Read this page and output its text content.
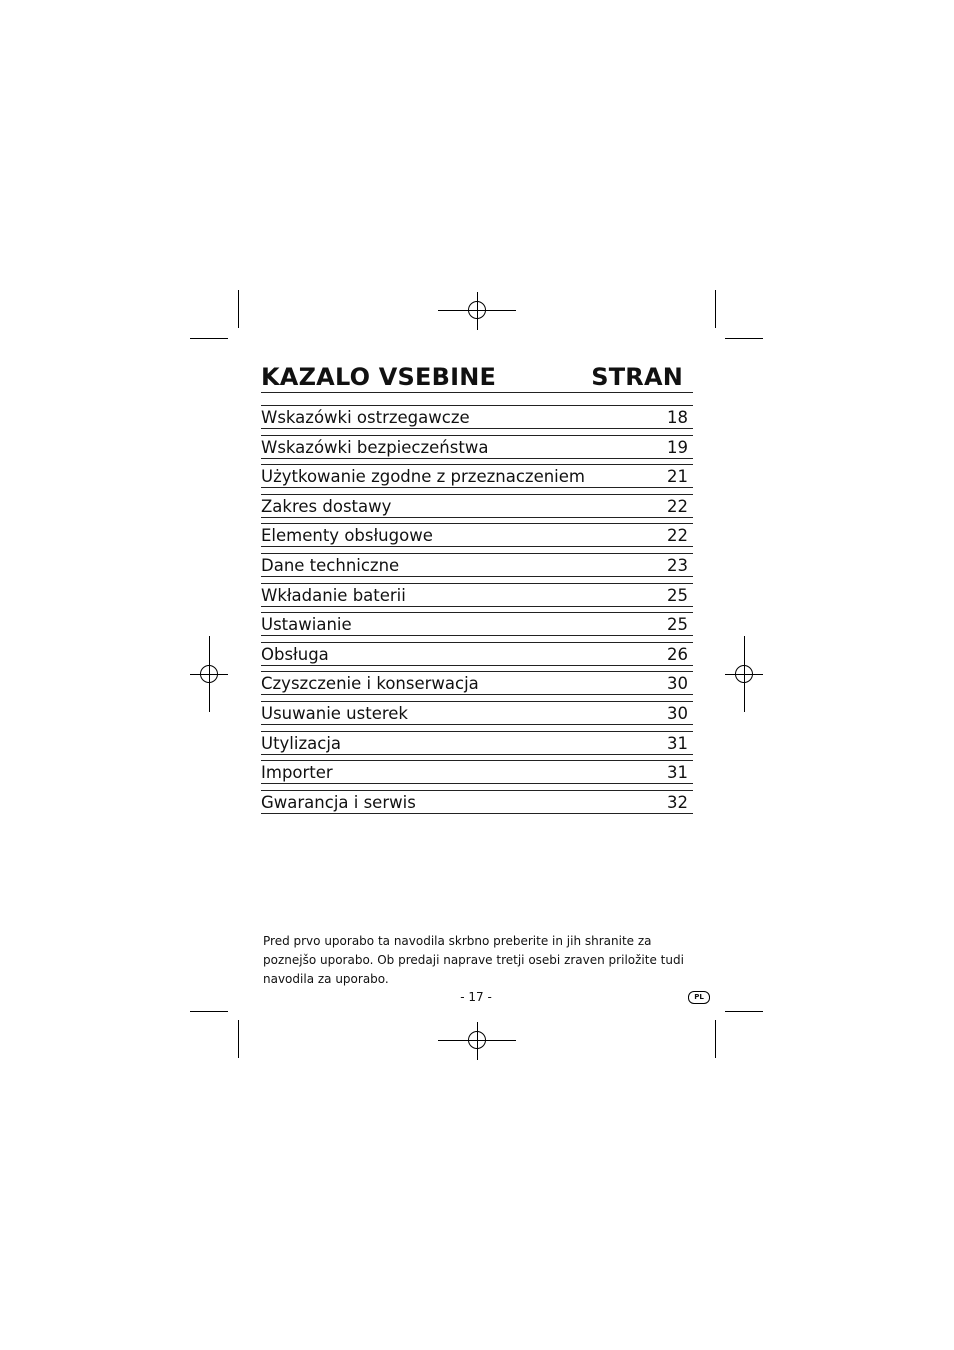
KAZALO VSEBINE	STRAN
Wskazówki ostrzegawcze	18
Wskazówki bezpieczeństwa	19
Użytkowanie zgodne z przeznaczeniem	21
Zakres dostawy	22
Elementy obsługowe	22
Dane techniczne	23
Wkładanie baterii	25
Ustawianie	25
Obsługa	26
Czyszczenie i konserwacja	30
Usuwanie usterek	30
Utylizacja	31
Importer	31
Gwarancja i serwis	32
Pred prvo uporabo ta navodila skrbno preberite in jih shranite za poznejšo uporabo. Ob predaji naprave tretji osebi zraven priložite tudi navodila za uporabo.
- 17 -	PL
